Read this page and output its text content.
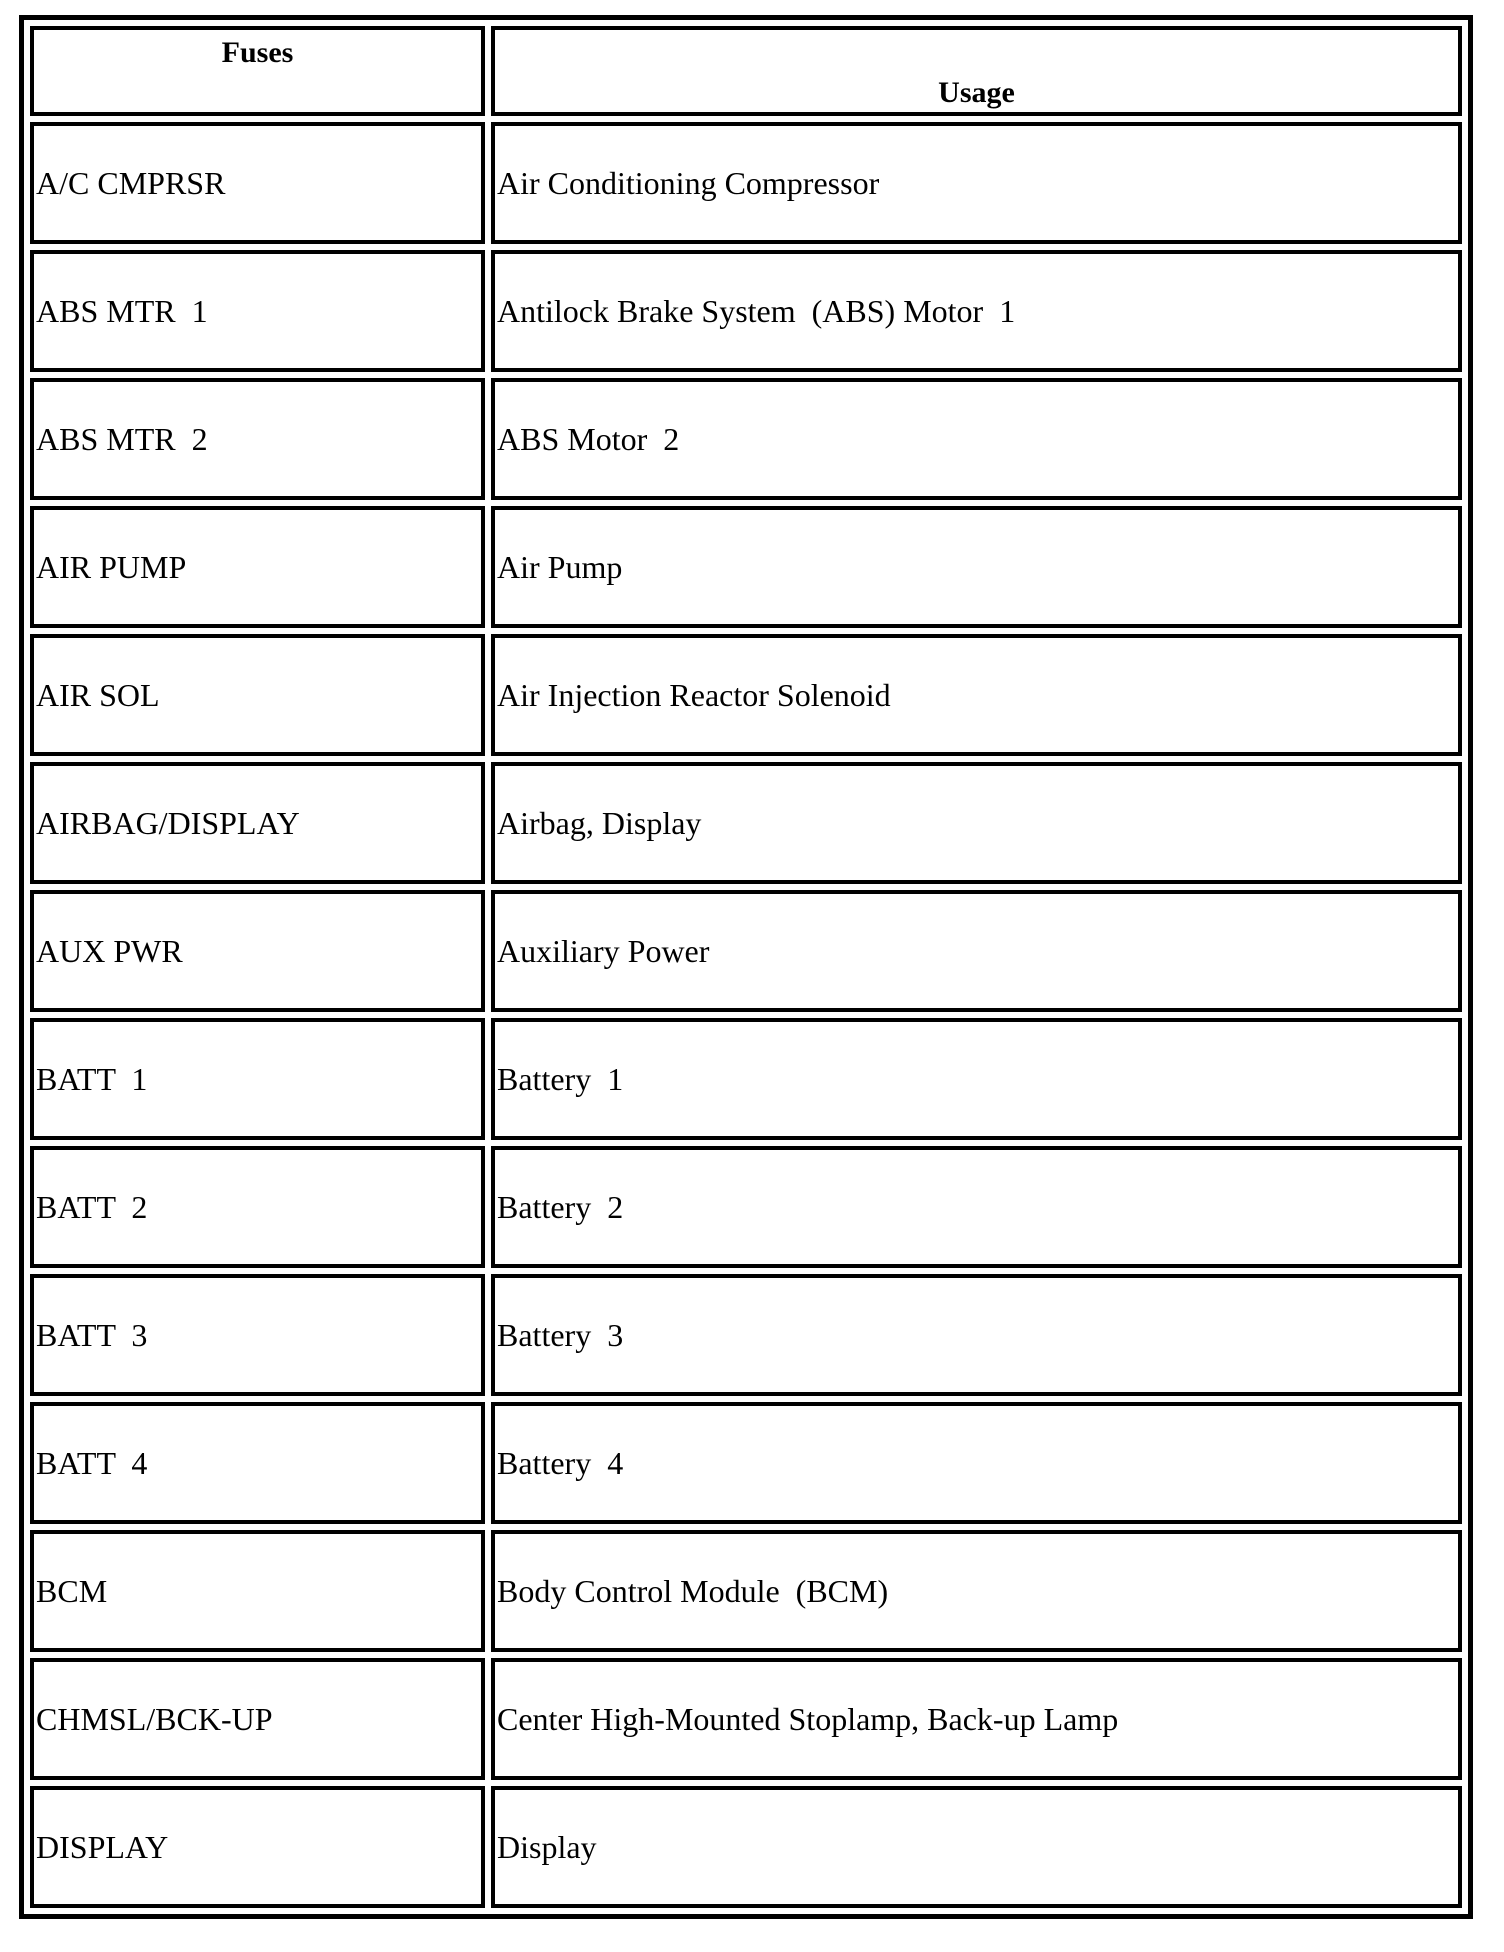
Fuses	Usage
A/C CMPRSR	Air Conditioning Compressor
ABS MTR  1	Antilock Brake System  (ABS) Motor  1
ABS MTR  2	ABS Motor  2
AIR PUMP	Air Pump
AIR SOL	Air Injection Reactor Solenoid
AIRBAG/DISPLAY	Airbag, Display
AUX PWR	Auxiliary Power
BATT  1	Battery  1
BATT  2	Battery  2
BATT  3	Battery  3
BATT  4	Battery  4
BCM	Body Control Module  (BCM)
CHMSL/BCK-UP	Center High-Mounted Stoplamp, Back-up Lamp
DISPLAY	Display
